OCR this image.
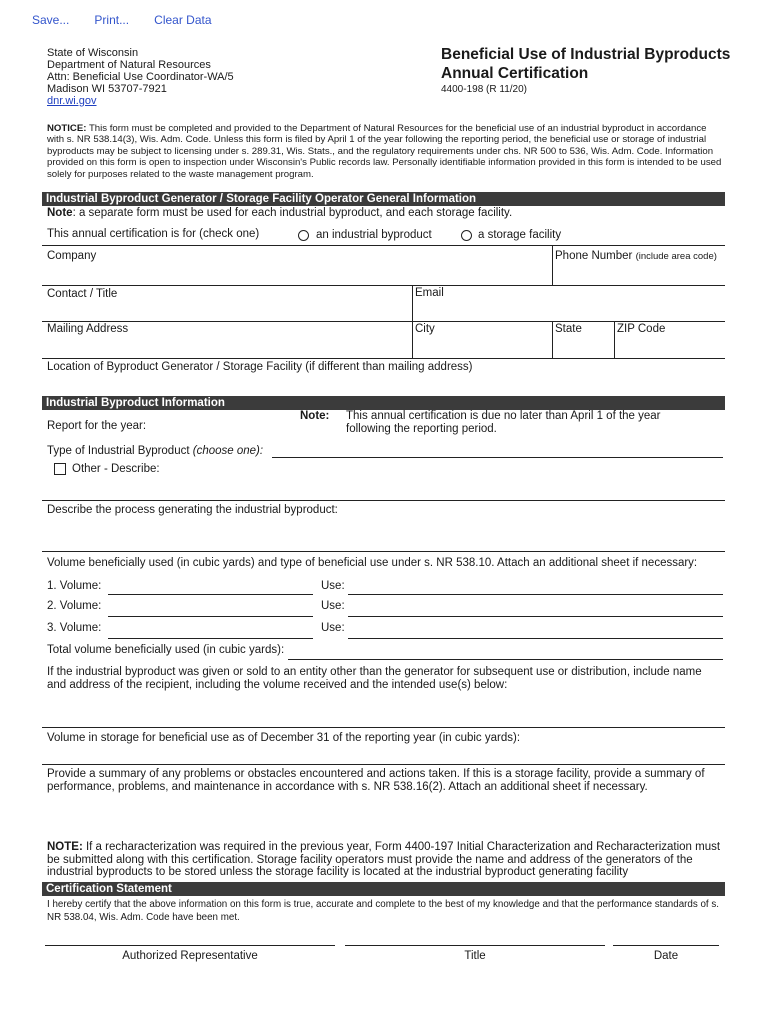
Save... Print... Clear Data
State of Wisconsin
Department of Natural Resources
Attn: Beneficial Use Coordinator-WA/5
Madison WI 53707-7921
dnr.wi.gov
Beneficial Use of Industrial Byproducts
Annual Certification
4400-198 (R 11/20)
NOTICE: This form must be completed and provided to the Department of Natural Resources for the beneficial use of an industrial byproduct in accordance with s. NR 538.14(3), Wis. Adm. Code. Unless this form is filed by April 1 of the year following the reporting period, the beneficial use or storage of industrial byproducts may be subject to licensing under s. 289.31, Wis. Stats., and the regulatory requirements under chs. NR 500 to 536, Wis. Adm. Code. Information provided on this form is open to inspection under Wisconsin's Public records law. Personally identifiable information provided in this form is intended to be used solely for purposes related to the waste management program.
Industrial Byproduct Generator / Storage Facility Operator General Information
Note: a separate form must be used for each industrial byproduct, and each storage facility.
This annual certification is for (check one)	an industrial byproduct	a storage facility
Company	Phone Number (include area code)
Contact / Title	Email
Mailing Address	City	State	ZIP Code
Location of Byproduct Generator / Storage Facility (if different than mailing address)
Industrial Byproduct Information
Report for the year:
Note: This annual certification is due no later than April 1 of the year
following the reporting period.
Type of Industrial Byproduct (choose one):
Other - Describe:
Describe the process generating the industrial byproduct:
Volume beneficially used (in cubic yards) and type of beneficial use under s. NR 538.10. Attach an additional sheet if necessary:
1. Volume:	Use:
2. Volume:	Use:
3. Volume:	Use:
Total volume beneficially used (in cubic yards):
If the industrial byproduct was given or sold to an entity other than the generator for subsequent use or distribution, include name and address of the recipient, including the volume received and the intended use(s) below:
Volume in storage for beneficial use as of December 31 of the reporting year (in cubic yards):
Provide a summary of any problems or obstacles encountered and actions taken. If this is a storage facility, provide a summary of performance, problems, and maintenance in accordance with s. NR 538.16(2). Attach an additional sheet if necessary.
NOTE: If a recharacterization was required in the previous year, Form 4400-197 Initial Characterization and Recharacterization must be submitted along with this certification. Storage facility operators must provide the name and address of the generators of the industrial byproducts to be stored unless the storage facility is located at the industrial byproduct generating facility
Certification Statement
I hereby certify that the above information on this form is true, accurate and complete to the best of my knowledge and that the performance standards of s. NR 538.04, Wis. Adm. Code have been met.
Authorized Representative	Title	Date
